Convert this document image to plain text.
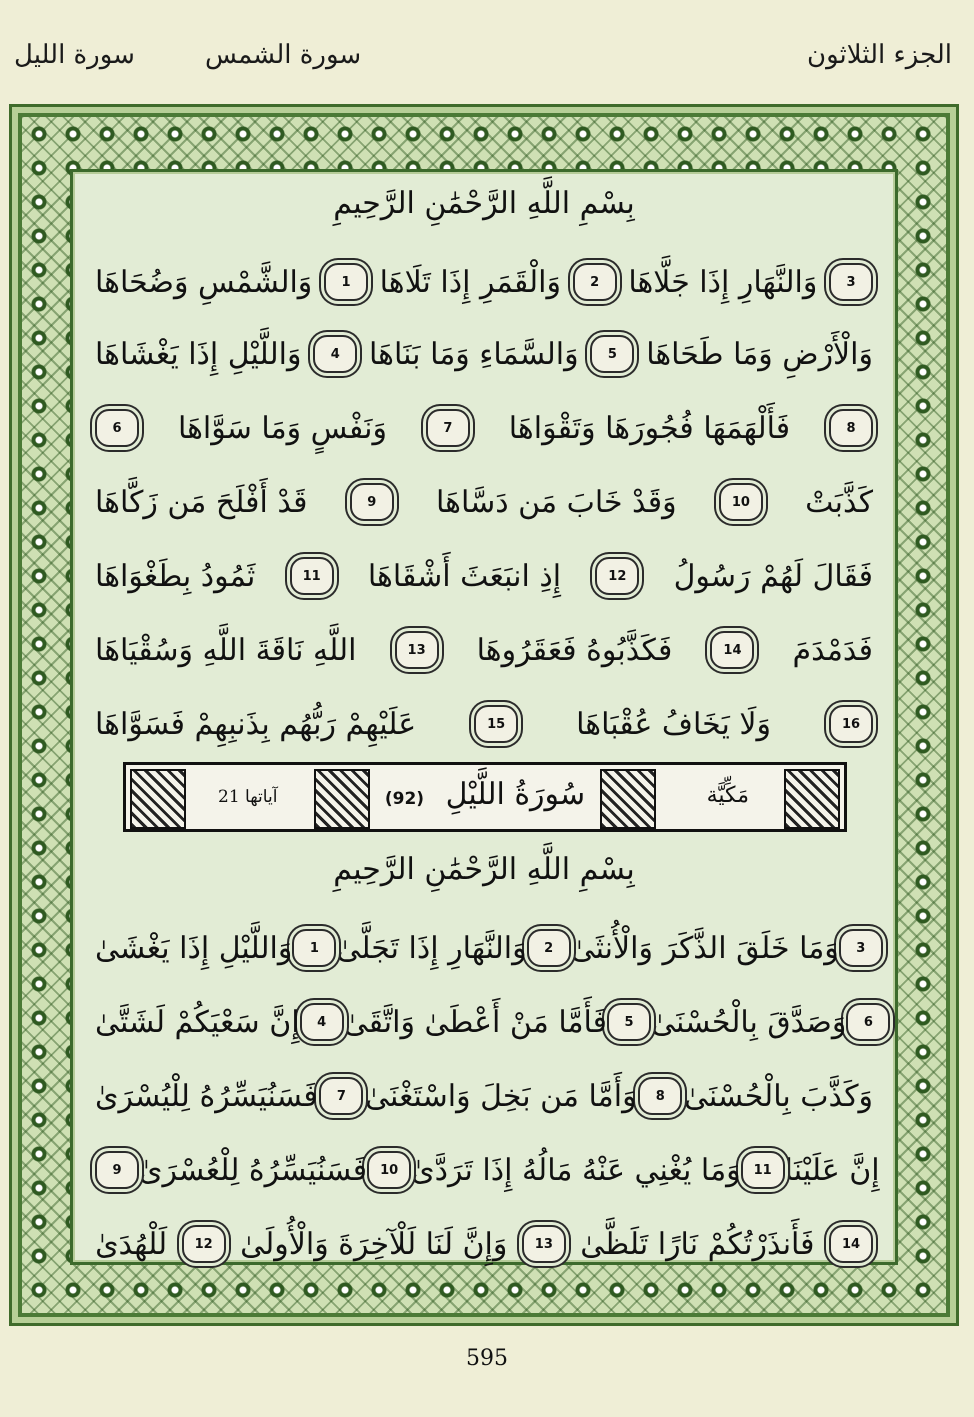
الجزء الثلاثون
سورة الشمس
سورة الليل
بِسْمِ اللَّهِ الرَّحْمَٰنِ الرَّحِيمِ
وَالشَّمْسِ وَضُحَاهَا	1 وَالْقَمَرِ إِذَا تَلَاهَا	2 وَالنَّهَارِ إِذَا جَلَّاهَا	3
وَاللَّيْلِ إِذَا يَغْشَاهَا	4 وَالسَّمَاءِ وَمَا بَنَاهَا	5 وَالْأَرْضِ وَمَا طَحَاهَا
6	وَنَفْسٍ وَمَا سَوَّاهَا	7	فَأَلْهَمَهَا فُجُورَهَا وَتَقْوَاهَا	8
قَدْ أَفْلَحَ مَن زَكَّاهَا	9	وَقَدْ خَابَ مَن دَسَّاهَا	10	كَذَّبَتْ
ثَمُودُ بِطَغْوَاهَا	11	إِذِ انبَعَثَ أَشْقَاهَا	12	فَقَالَ لَهُمْ رَسُولُ
اللَّهِ نَاقَةَ اللَّهِ وَسُقْيَاهَا	13	فَكَذَّبُوهُ فَعَقَرُوهَا	14	فَدَمْدَمَ
عَلَيْهِمْ رَبُّهُم بِذَنبِهِمْ فَسَوَّاهَا	15	وَلَا يَخَافُ عُقْبَاهَا	16
آياتها 21	مَكِّيَّة
سُورَةُ اللَّيْلِ (92)
بِسْمِ اللَّهِ الرَّحْمَٰنِ الرَّحِيمِ
وَاللَّيْلِ إِذَا يَغْشَىٰ	1 وَالنَّهَارِ إِذَا تَجَلَّىٰ	2 وَمَا خَلَقَ الذَّكَرَ وَالْأُنثَىٰ	3
إِنَّ سَعْيَكُمْ لَشَتَّىٰ	4 فَأَمَّا مَنْ أَعْطَىٰ وَاتَّقَىٰ	5 وَصَدَّقَ بِالْحُسْنَىٰ	6
فَسَنُيَسِّرُهُ لِلْيُسْرَىٰ	7 وَأَمَّا مَن بَخِلَ وَاسْتَغْنَىٰ	8 وَكَذَّبَ بِالْحُسْنَىٰ
9 فَسَنُيَسِّرُهُ لِلْعُسْرَىٰ 10 وَمَا يُغْنِي عَنْهُ مَالُهُ إِذَا تَرَدَّىٰ 11 إِنَّ عَلَيْنَا
لَلْهُدَىٰ	12 وَإِنَّ لَنَا لَلْآخِرَةَ وَالْأُولَىٰ	13 فَأَنذَرْتُكُمْ نَارًا تَلَظَّىٰ	14
595
